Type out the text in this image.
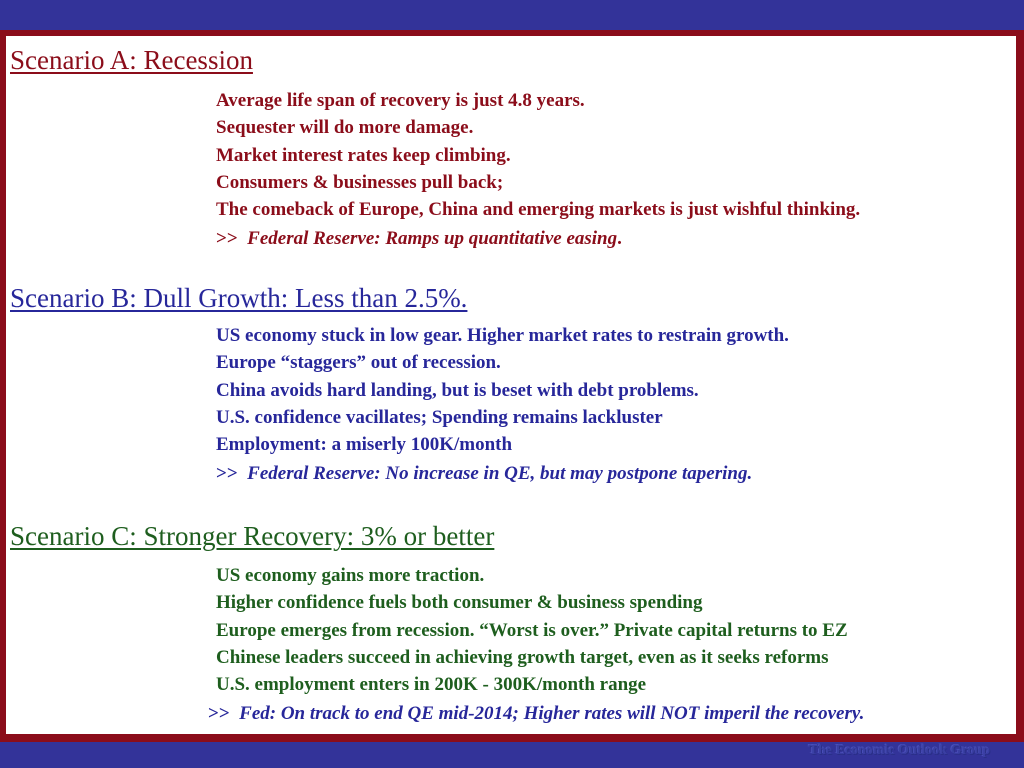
Scenario A: Recession
Average life span of recovery is just 4.8 years.
Sequester will do more damage.
Market interest rates keep climbing.
Consumers & businesses pull back;
The comeback of Europe, China and emerging markets is just wishful thinking.
>> Federal Reserve: Ramps up quantitative easing.
Scenario B: Dull Growth: Less than 2.5%.
US economy stuck in low gear. Higher market rates to restrain growth.
Europe “staggers” out of recession.
China avoids hard landing, but is beset with debt problems.
U.S. confidence vacillates; Spending remains lackluster
Employment: a miserly 100K/month
>> Federal Reserve: No increase in QE, but may postpone tapering.
Scenario C: Stronger Recovery: 3% or better
US economy gains more traction.
Higher confidence fuels both consumer & business spending
Europe emerges from recession. “Worst is over.” Private capital returns to EZ
Chinese leaders succeed in achieving growth target, even as it seeks reforms
U.S. employment enters in 200K - 300K/month range
>> Fed: On track to end QE mid-2014; Higher rates will NOT imperil the recovery.
The Economic Outlook Group
